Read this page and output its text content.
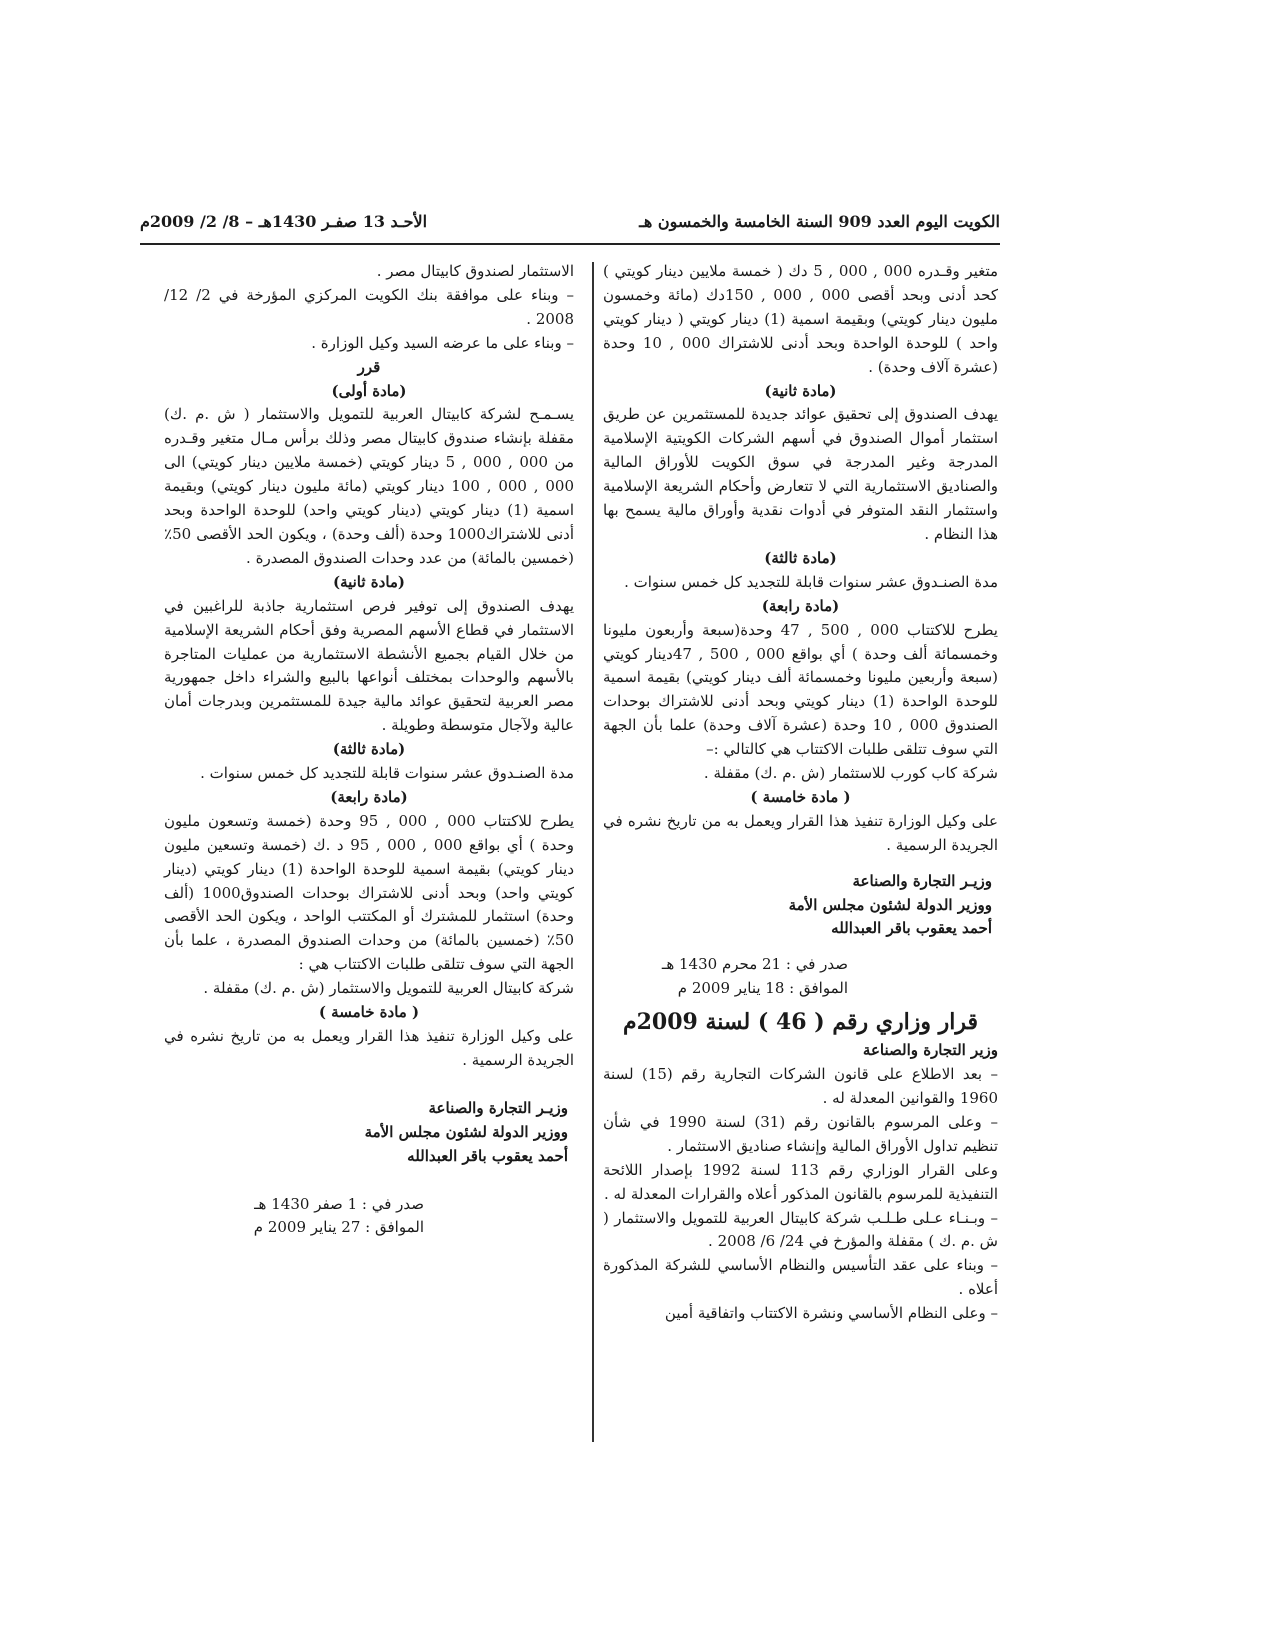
الكويت اليوم العدد 909 السنة الخامسة والخمسون هـ
الأحـد 13 صفـر 1430هـ – 8/ 2/ 2009م

متغير وقـدره 000 , 000 , 5 دك ( خمسة ملايين دينار كويتي ) كحد أدنى وبحد أقصى 000 , 000 , 150دك (مائة وخمسون مليون دينار كويتي) وبقيمة اسمية (1) دينار كويتي ( دينار كويتي واحد ) للوحدة الواحدة وبحد أدنى للاشتراك 000 , 10 وحدة (عشرة آلاف وحدة) .

(مادة ثانية)

يهدف الصندوق إلى تحقيق عوائد جديدة للمستثمرين عن طريق استثمار أموال الصندوق في أسهم الشركات الكويتية الإسلامية المدرجة وغير المدرجة في سوق الكويت للأوراق المالية والصناديق الاستثمارية التي لا تتعارض وأحكام الشريعة الإسلامية واستثمار النقد المتوفر في أدوات نقدية وأوراق مالية يسمح بها هذا النظام .

(مادة ثالثة)

مدة الصنـدوق عشر سنوات قابلة للتجديد كل خمس سنوات .

(مادة رابعة)

يطرح للاكتتاب 000 , 500 , 47 وحدة(سبعة وأربعون مليونا وخمسمائة ألف وحدة ) أي بواقع 000 , 500 , 47دينار كويتي (سبعة وأربعين مليونا وخمسمائة ألف دينار كويتي) بقيمة اسمية للوحدة الواحدة (1) دينار كويتي وبحد أدنى للاشتراك بوحدات الصندوق 000 , 10 وحدة (عشرة آلاف وحدة) علما بأن الجهة التي سوف تتلقى طلبات الاكتتاب هي كالتالي :–

شركة كاب كورب للاستثمار (ش .م .ك) مقفلة .

( مادة خامسة )

على وكيل الوزارة تنفيذ هذا القرار ويعمل به من تاريخ نشره في الجريدة الرسمية .

وزيـر التجارة والصناعة

ووزير الدولة لشئون مجلس الأمة

أحمد يعقوب باقر العبدالله

صدر في : 21 محرم 1430 هـ

الموافق : 18 يناير 2009 م

قرار وزاري رقم ( 46 ) لسنة 2009م

وزير التجارة والصناعة

– بعد الاطلاع على قانون الشركات التجارية رقم (15) لسنة 1960 والقوانين المعدلة له .

– وعلى المرسوم بالقانون رقم (31) لسنة 1990 في شأن تنظيم تداول الأوراق المالية وإنشاء صناديق الاستثمار .

وعلى القرار الوزاري رقم 113 لسنة 1992 بإصدار اللائحة التنفيذية للمرسوم بالقانون المذكور أعلاه والقرارات المعدلة له .

– وبـنـاء عـلى طـلـب شركة كابيتال العربية للتمويل والاستثمار ( ش .م .ك ) مقفلة والمؤرخ في 24/ 6/ 2008 .

– وبناء على عقد التأسيس والنظام الأساسي للشركة المذكورة أعلاه .

– وعلى النظام الأساسي ونشرة الاكتتاب واتفاقية أمين

الاستثمار لصندوق كابيتال مصر .

– وبناء على موافقة بنك الكويت المركزي المؤرخة في 2/ 12/ 2008 .

– وبناء على ما عرضه السيد وكيل الوزارة .

قرر

(مادة أولى)

يسـمـح لشركة كابيتال العربية للتمويل والاستثمار ( ش .م .ك) مقفلة بإنشاء صندوق كابيتال مصر وذلك برأس مـال متغير وقـدره من 000 , 000 , 5 دينار كويتي (خمسة ملايين دينار كويتي) الى 000 , 000 , 100 دينار كويتي (مائة مليون دينار كويتي) وبقيمة اسمية (1) دينار كويتي (دينار كويتي واحد) للوحدة الواحدة وبحد أدنى للاشتراك1000 وحدة (ألف وحدة) ، ويكون الحد الأقصى 50٪ (خمسين بالمائة) من عدد وحدات الصندوق المصدرة .

(مادة ثانية)

يهدف الصندوق إلى توفير فرص استثمارية جاذبة للراغبين في الاستثمار في قطاع الأسهم المصرية وفق أحكام الشريعة الإسلامية من خلال القيام بجميع الأنشطة الاستثمارية من عمليات المتاجرة بالأسهم والوحدات بمختلف أنواعها بالبيع والشراء داخل جمهورية مصر العربية لتحقيق عوائد مالية جيدة للمستثمرين وبدرجات أمان عالية ولآجال متوسطة وطويلة .

(مادة ثالثة)

مدة الصنـدوق عشر سنوات قابلة للتجديد كل خمس سنوات .

(مادة رابعة)

يطرح للاكتتاب 000 , 000 , 95 وحدة (خمسة وتسعون مليون وحدة ) أي بواقع 000 , 000 , 95 د .ك (خمسة وتسعين مليون دينار كويتي) بقيمة اسمية للوحدة الواحدة (1) دينار كويتي (دينار كويتي واحد) وبحد أدنى للاشتراك بوحدات الصندوق1000 (ألف وحدة) استثمار للمشترك أو المكتتب الواحد ، ويكون الحد الأقصى 50٪ (خمسين بالمائة) من وحدات الصندوق المصدرة ، علما بأن الجهة التي سوف تتلقى طلبات الاكتتاب هي :

شركة كابيتال العربية للتمويل والاستثمار (ش .م .ك) مقفلة .

( مادة خامسة )

على وكيل الوزارة تنفيذ هذا القرار ويعمل به من تاريخ نشره في الجريدة الرسمية .

وزيـر التجارة والصناعة

ووزير الدولة لشئون مجلس الأمة

أحمد يعقوب باقر العبدالله

صدر في : 1 صفر 1430 هـ

الموافق : 27 يناير 2009 م
